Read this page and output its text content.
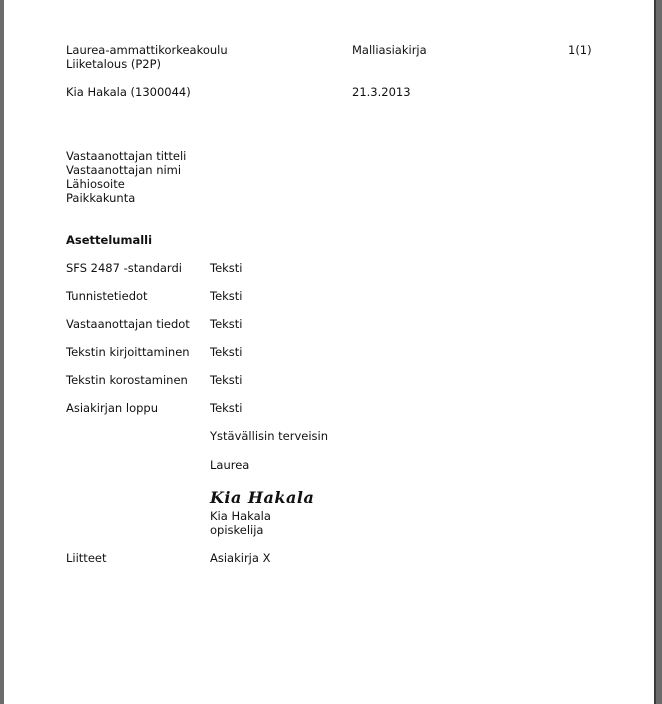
Laurea-ammattikorkeakoulu
Liiketalous (P2P)
Malliasiakirja	1(1)
Kia Hakala (1300044)	21.3.2013
Vastaanottajan titteli
Vastaanottajan nimi
Lähiosoite
Paikkakunta
Asettelumalli
SFS 2487 -standardi Teksti
Tunnistetiedot	Teksti
Vastaanottajan tiedot Teksti
Tekstin kirjoittaminen Teksti
Tekstin korostaminen Teksti
Asiakirjan loppu	Teksti
Ystävällisin terveisin
Laurea
Kia Hakala
Kia Hakala
opiskelija
Liitteet	Asiakirja X
